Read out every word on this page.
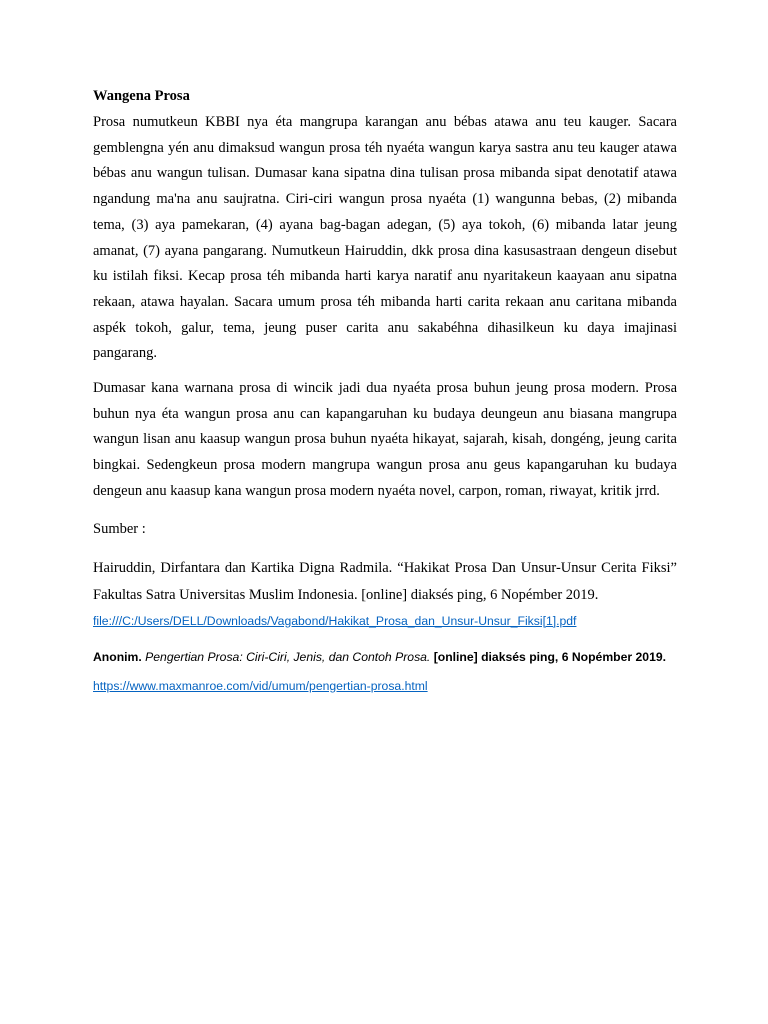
Wangena Prosa

Prosa numutkeun KBBI nya éta mangrupa karangan anu bébas atawa anu teu kauger. Sacara gemblengna yén anu dimaksud wangun prosa téh nyaéta wangun karya sastra anu teu kauger atawa bébas anu wangun tulisan. Dumasar kana sipatna dina tulisan prosa mibanda sipat denotatif atawa ngandung ma'na anu saujratna. Ciri-ciri wangun prosa nyaéta (1) wangunna bebas, (2) mibanda tema, (3) aya pamekaran, (4) ayana bag-bagan adegan, (5) aya tokoh, (6) mibanda latar jeung amanat, (7) ayana pangarang. Numutkeun Hairuddin, dkk prosa dina kasusastraan dengeun disebut ku istilah fiksi. Kecap prosa téh mibanda harti karya naratif anu nyaritakeun kaayaan anu sipatna rekaan, atawa hayalan. Sacara umum prosa téh mibanda harti carita rekaan anu caritana mibanda aspék tokoh, galur, tema, jeung puser carita anu sakabéhna dihasilkeun ku daya imajinasi pangarang.

Dumasar kana warnana prosa di wincik jadi dua nyaéta prosa buhun jeung prosa modern. Prosa buhun nya éta wangun prosa anu can kapangaruhan ku budaya deungeun anu biasana mangrupa wangun lisan anu kaasup wangun prosa buhun nyaéta hikayat, sajarah, kisah, dongéng, jeung carita bingkai. Sedengkeun prosa modern mangrupa wangun prosa anu geus kapangaruhan ku budaya dengeun anu kaasup kana wangun prosa modern nyaéta novel, carpon, roman, riwayat, kritik jrrd.

Sumber :

Hairuddin, Dirfantara dan Kartika Digna Radmila. “Hakikat Prosa Dan Unsur-Unsur Cerita Fiksi” Fakultas Satra Universitas Muslim Indonesia. [online] diaksés ping, 6 Nopémber 2019.

file:///C:/Users/DELL/Downloads/Vagabond/Hakikat_Prosa_dan_Unsur-Unsur_Fiksi[1].pdf

Anonim. Pengertian Prosa: Ciri-Ciri, Jenis, dan Contoh Prosa. [online] diaksés ping, 6 Nopémber 2019.

https://www.maxmanroe.com/vid/umum/pengertian-prosa.html
